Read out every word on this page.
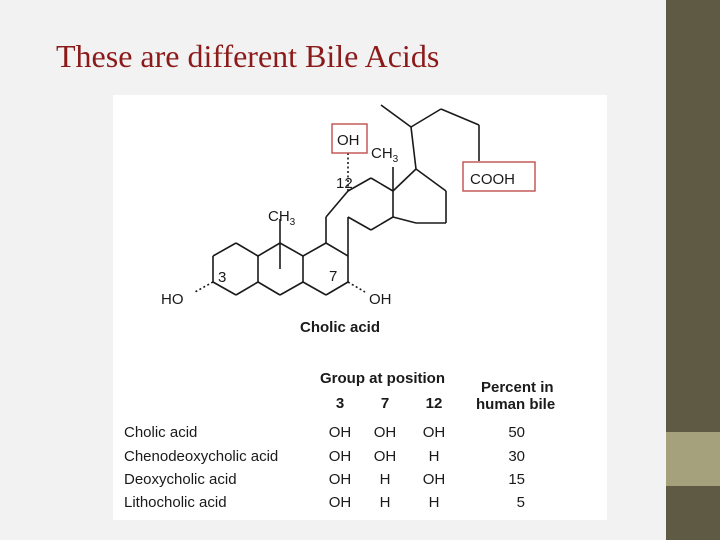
These are different Bile Acids
OH
$CH_3$
12	COOH
$CH_3$
7
3
HO	OH
Cholic acid
Group at position
Percent in
human bile
3 7 12
Cholic acid	OH OH OH	50
Chenodeoxycholic acid	OH OH H	30
Deoxycholic acid	OH H OH	15
Lithocholic acid	OH H	H	5
